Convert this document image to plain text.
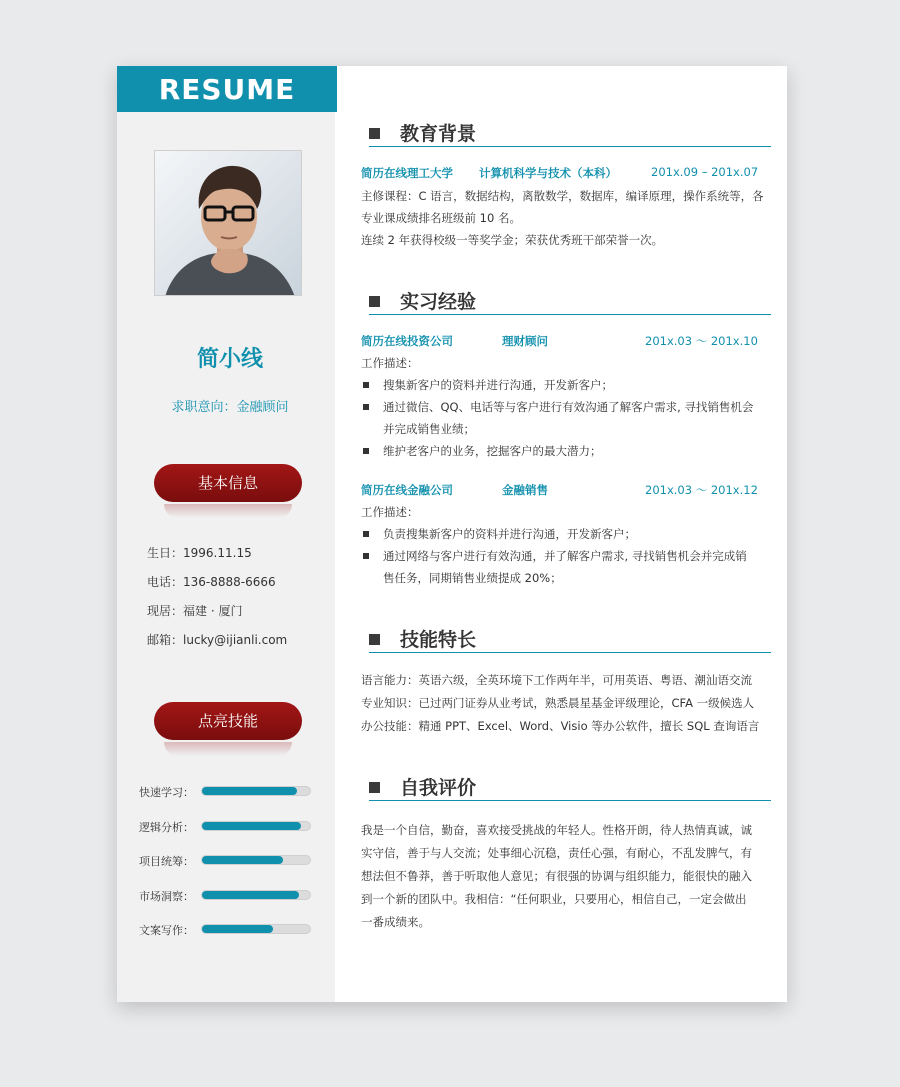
RESUME
简小线
求职意向：金融顾问
基本信息
生日：1996.11.15
电话：136-8888-6666
现居：福建 · 厦门
邮箱：lucky@ijianli.com
点亮技能
快速学习：
逻辑分析：
项目统筹：
市场洞察：
文案写作：
教育背景
简历在线理工大学 计算机科学与技术（本科）	201x.09 – 201x.07
主修课程：C 语言，数据结构，离散数学，数据库，编译原理，操作系统等，各
专业课成绩排名班级前 10 名。
连续 2 年获得校级一等奖学金；荣获优秀班干部荣誉一次。
实习经验
简历在线投资公司	理财顾问	201x.03 ～ 201x.10
工作描述：
搜集新客户的资料并进行沟通，开发新客户；
通过微信、QQ、电话等与客户进行有效沟通了解客户需求, 寻找销售机会
并完成销售业绩；
维护老客户的业务，挖掘客户的最大潜力；
简历在线金融公司	金融销售	201x.03 ～ 201x.12
工作描述：
负责搜集新客户的资料并进行沟通，开发新客户；
通过网络与客户进行有效沟通，并了解客户需求, 寻找销售机会并完成销
售任务，同期销售业绩提成 20%；
技能特长
语言能力：英语六级，全英环境下工作两年半，可用英语、粤语、潮汕语交流
专业知识：已过两门证券从业考试，熟悉晨星基金评级理论，CFA 一级候选人
办公技能：精通 PPT、Excel、Word、Visio 等办公软件，擅长 SQL 查询语言
自我评价
我是一个自信，勤奋，喜欢接受挑战的年轻人。性格开朗，待人热情真诚，诚
实守信，善于与人交流；处事细心沉稳，责任心强，有耐心，不乱发脾气，有
想法但不鲁莽，善于听取他人意见；有很强的协调与组织能力，能很快的融入
到一个新的团队中。我相信：“任何职业，只要用心，相信自己，一定会做出
一番成绩来。
